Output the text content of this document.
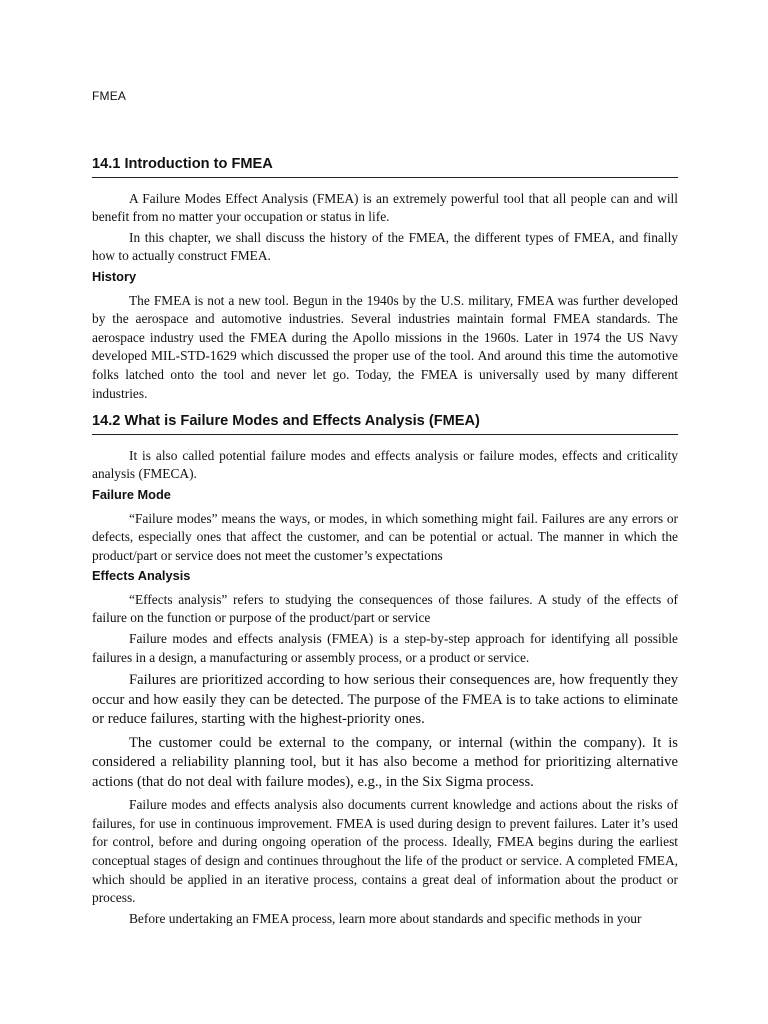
FMEA
14.1 Introduction to FMEA

A Failure Modes Effect Analysis (FMEA) is an extremely powerful tool that all people can and will benefit from no matter your occupation or status in life.

In this chapter, we shall discuss the history of the FMEA, the different types of FMEA, and finally how to actually construct FMEA.

History

The FMEA is not a new tool. Begun in the 1940s by the U.S. military, FMEA was further developed by the aerospace and automotive industries. Several industries maintain formal FMEA standards. The aerospace industry used the FMEA during the Apollo missions in the 1960s. Later in 1974 the US Navy developed MIL-STD-1629 which discussed the proper use of the tool. And around this time the automotive folks latched onto the tool and never let go. Today, the FMEA is universally used by many different industries.

14.2 What is Failure Modes and Effects Analysis (FMEA)

It is also called potential failure modes and effects analysis or failure modes, effects and criticality analysis (FMECA).

Failure Mode

“Failure modes” means the ways, or modes, in which something might fail. Failures are any errors or defects, especially ones that affect the customer, and can be potential or actual. The manner in which the product/part or service does not meet the customer’s expectations

Effects Analysis

“Effects analysis” refers to studying the consequences of those failures. A study of the effects of failure on the function or purpose of the product/part or service

Failure modes and effects analysis (FMEA) is a step-by-step approach for identifying all possible failures in a design, a manufacturing or assembly process, or a product or service.

Failures are prioritized according to how serious their consequences are, how frequently they occur and how easily they can be detected. The purpose of the FMEA is to take actions to eliminate or reduce failures, starting with the highest-priority ones.

The customer could be external to the company, or internal (within the company). It is considered a reliability planning tool, but it has also become a method for prioritizing alternative actions (that do not deal with failure modes), e.g., in the Six Sigma process.

Failure modes and effects analysis also documents current knowledge and actions about the risks of failures, for use in continuous improvement. FMEA is used during design to prevent failures. Later it’s used for control, before and during ongoing operation of the process. Ideally, FMEA begins during the earliest conceptual stages of design and continues throughout the life of the product or service. A completed FMEA, which should be applied in an iterative process, contains a great deal of information about the product or process.

Before undertaking an FMEA process, learn more about standards and specific methods in your
